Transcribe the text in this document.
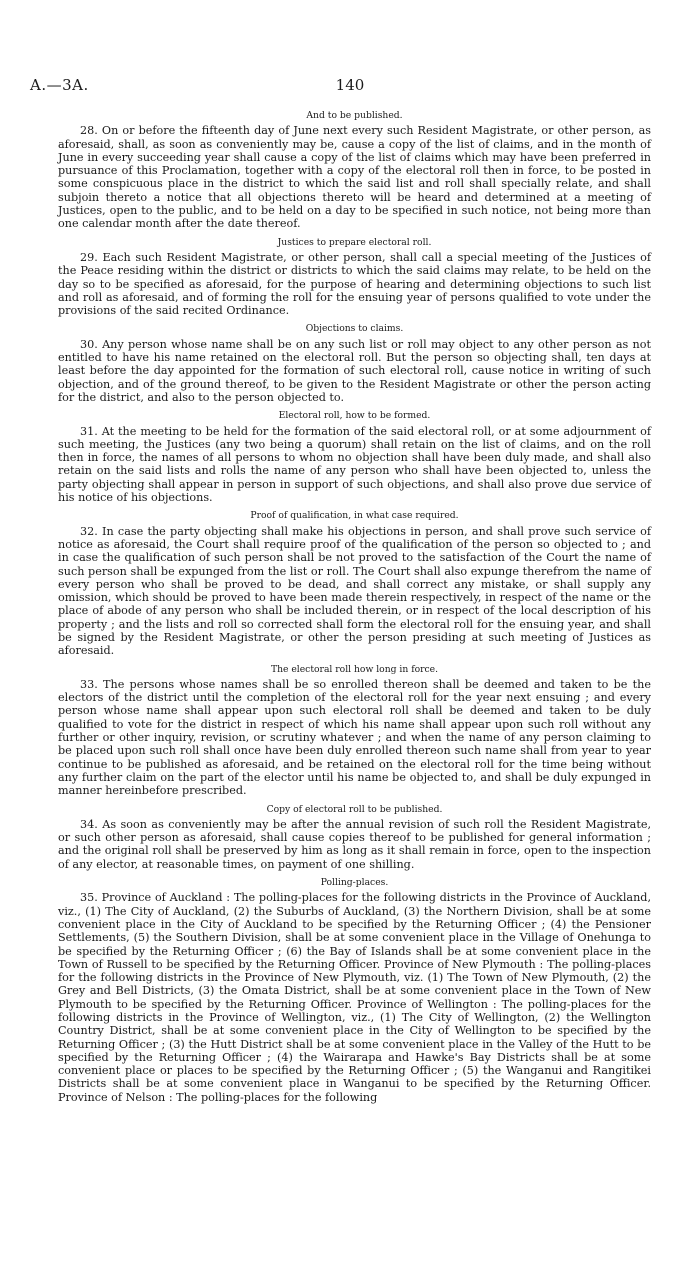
A.—3A.	140
And to be published.

28. On or before the fifteenth day of June next every such Resident Magistrate, or other person, as aforesaid, shall, as soon as conveniently may be, cause a copy of the list of claims, and in the month of June in every succeeding year shall cause a copy of the list of claims which may have been preferred in pursuance of this Proclamation, together with a copy of the electoral roll then in force, to be posted in some conspicuous place in the district to which the said list and roll shall specially relate, and shall subjoin thereto a notice that all objections thereto will be heard and determined at a meeting of Justices, open to the public, and to be held on a day to be specified in such notice, not being more than one calendar month after the date thereof.

Justices to prepare electoral roll.

29. Each such Resident Magistrate, or other person, shall call a special meeting of the Justices of the Peace residing within the district or districts to which the said claims may relate, to be held on the day so to be specified as aforesaid, for the purpose of hearing and determining objections to such list and roll as aforesaid, and of forming the roll for the ensuing year of persons qualified to vote under the provisions of the said recited Ordinance.

Objections to claims.

30. Any person whose name shall be on any such list or roll may object to any other person as not entitled to have his name retained on the electoral roll. But the person so objecting shall, ten days at least before the day appointed for the formation of such electoral roll, cause notice in writing of such objection, and of the ground thereof, to be given to the Resident Magistrate or other the person acting for the district, and also to the person objected to.

Electoral roll, how to be formed.

31. At the meeting to be held for the formation of the said electoral roll, or at some adjournment of such meeting, the Justices (any two being a quorum) shall retain on the list of claims, and on the roll then in force, the names of all persons to whom no objection shall have been duly made, and shall also retain on the said lists and rolls the name of any person who shall have been objected to, unless the party objecting shall appear in person in support of such objections, and shall also prove due service of his notice of his objections.

Proof of qualification, in what case required.

32. In case the party objecting shall make his objections in person, and shall prove such service of notice as aforesaid, the Court shall require proof of the qualification of the person so objected to ; and in case the qualification of such person shall be not proved to the satisfaction of the Court the name of such person shall be expunged from the list or roll. The Court shall also expunge therefrom the name of every person who shall be proved to be dead, and shall correct any mistake, or shall supply any omission, which should be proved to have been made therein respectively, in respect of the name or the place of abode of any person who shall be included therein, or in respect of the local description of his property ; and the lists and roll so corrected shall form the electoral roll for the ensuing year, and shall be signed by the Resident Magistrate, or other the person presiding at such meeting of Justices as aforesaid.

The electoral roll how long in force.

33. The persons whose names shall be so enrolled thereon shall be deemed and taken to be the electors of the district until the completion of the electoral roll for the year next ensuing ; and every person whose name shall appear upon such electoral roll shall be deemed and taken to be duly qualified to vote for the district in respect of which his name shall appear upon such roll without any further or other inquiry, revision, or scrutiny whatever ; and when the name of any person claiming to be placed upon such roll shall once have been duly enrolled thereon such name shall from year to year continue to be published as aforesaid, and be retained on the electoral roll for the time being without any further claim on the part of the elector until his name be objected to, and shall be duly expunged in manner hereinbefore prescribed.

Copy of electoral roll to be published.

34. As soon as conveniently may be after the annual revision of such roll the Resident Magistrate, or such other person as aforesaid, shall cause copies thereof to be published for general information ; and the original roll shall be preserved by him as long as it shall remain in force, open to the inspection of any elector, at reasonable times, on payment of one shilling.

Polling-places.

35. Province of Auckland : The polling-places for the following districts in the Province of Auckland, viz., (1) The City of Auckland, (2) the Suburbs of Auckland, (3) the Northern Division, shall be at some convenient place in the City of Auckland to be specified by the Returning Officer ; (4) the Pensioner Settlements, (5) the Southern Division, shall be at some convenient place in the Village of Onehunga to be specified by the Returning Officer ; (6) the Bay of Islands shall be at some convenient place in the Town of Russell to be specified by the Returning Officer. Province of New Plymouth : The polling-places for the following districts in the Province of New Plymouth, viz. (1) The Town of New Plymouth, (2) the Grey and Bell Districts, (3) the Omata District, shall be at some convenient place in the Town of New Plymouth to be specified by the Returning Officer. Province of Wellington : The polling-places for the following districts in the Province of Wellington, viz., (1) The City of Wellington, (2) the Wellington Country District, shall be at some convenient place in the City of Wellington to be specified by the Returning Officer ; (3) the Hutt District shall be at some convenient place in the Valley of the Hutt to be specified by the Returning Officer ; (4) the Wairarapa and Hawke's Bay Districts shall be at some convenient place or places to be specified by the Returning Officer ; (5) the Wanganui and Rangitikei Districts shall be at some convenient place in Wanganui to be specified by the Returning Officer. Province of Nelson : The polling-places for the following
